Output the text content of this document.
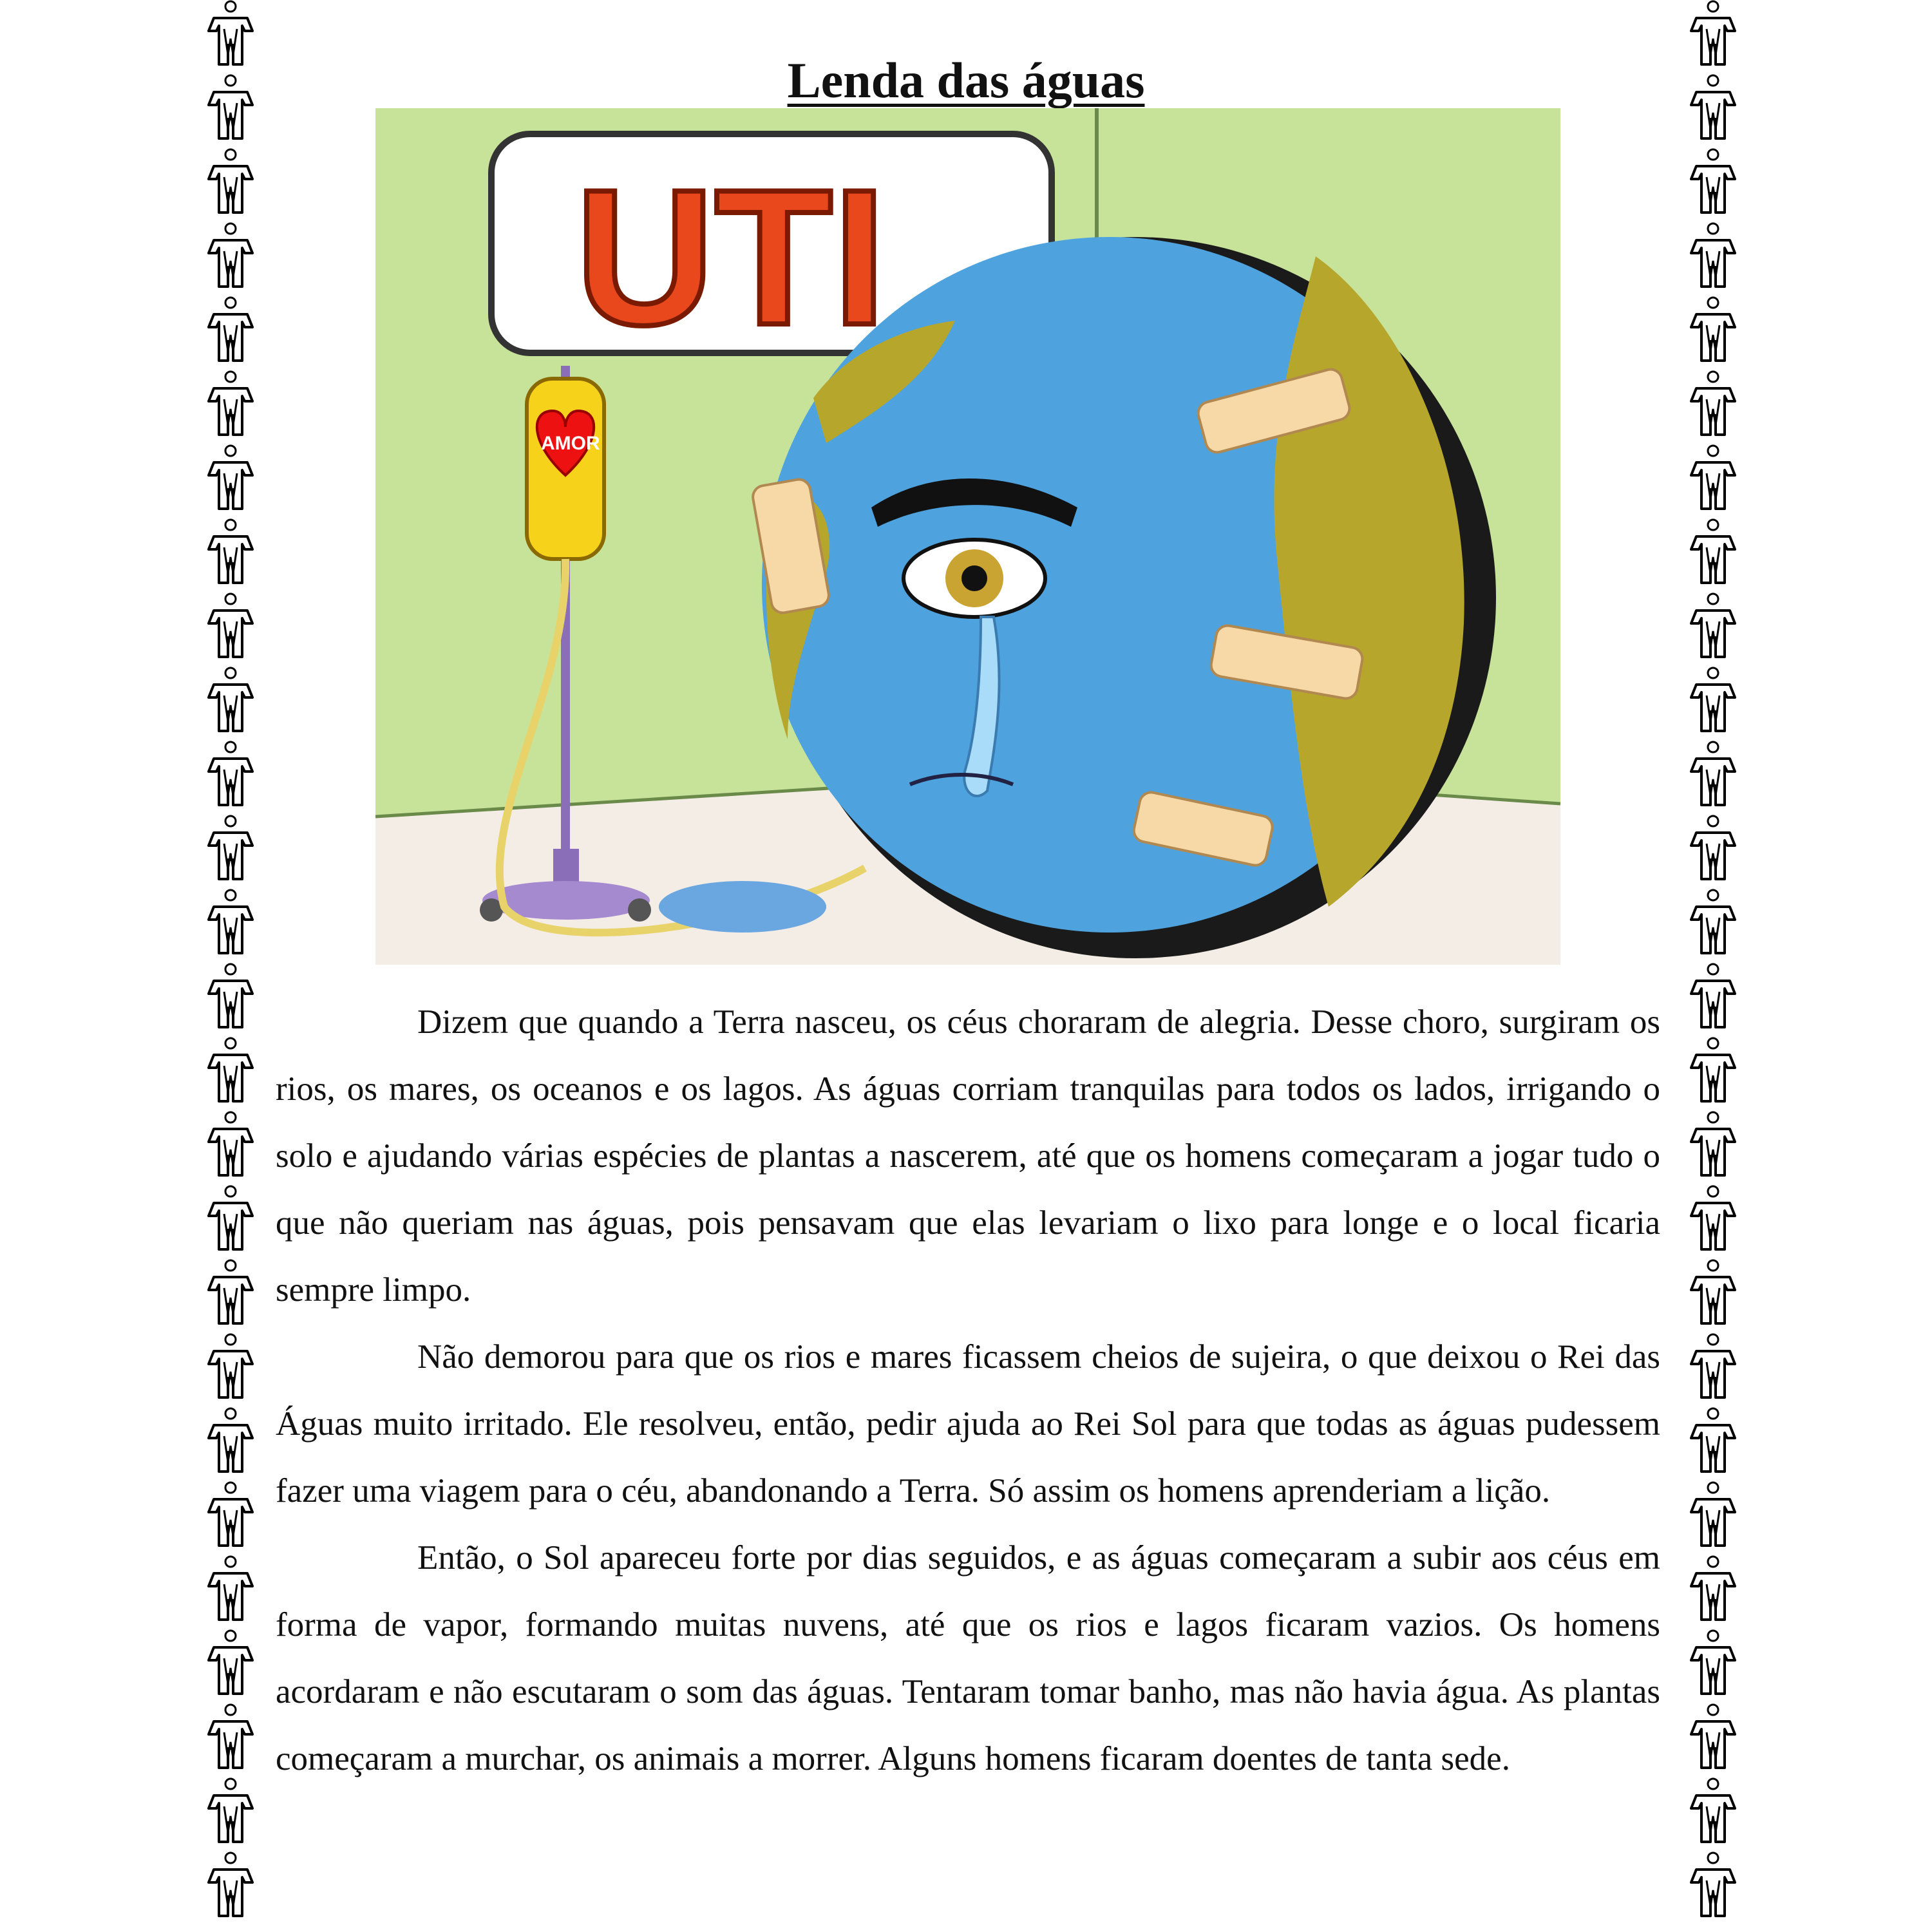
Lenda das águas
UTI
AMOR

Dizem que quando a Terra nasceu, os céus choraram de alegria. Desse choro, surgiram os rios, os mares, os oceanos e os lagos. As águas corriam tranquilas para todos os lados, irrigando o solo e ajudando várias espécies de plantas a nascerem, até que os homens começaram a jogar tudo o que não queriam nas águas, pois pensavam que elas levariam o lixo para longe e o local ficaria sempre limpo.

Não demorou para que os rios e mares ficassem cheios de sujeira, o que deixou o Rei das Águas muito irritado. Ele resolveu, então, pedir ajuda ao Rei Sol para que todas as águas pudessem fazer uma viagem para o céu, abandonando a Terra. Só assim os homens aprenderiam a lição.

Então, o Sol apareceu forte por dias seguidos, e as águas começaram a subir aos céus em forma de vapor, formando muitas nuvens, até que os rios e lagos ficaram vazios. Os homens acordaram e não escutaram o som das águas. Tentaram tomar banho, mas não havia água. As plantas começaram a murchar, os animais a morrer. Alguns homens ficaram doentes de tanta sede.
